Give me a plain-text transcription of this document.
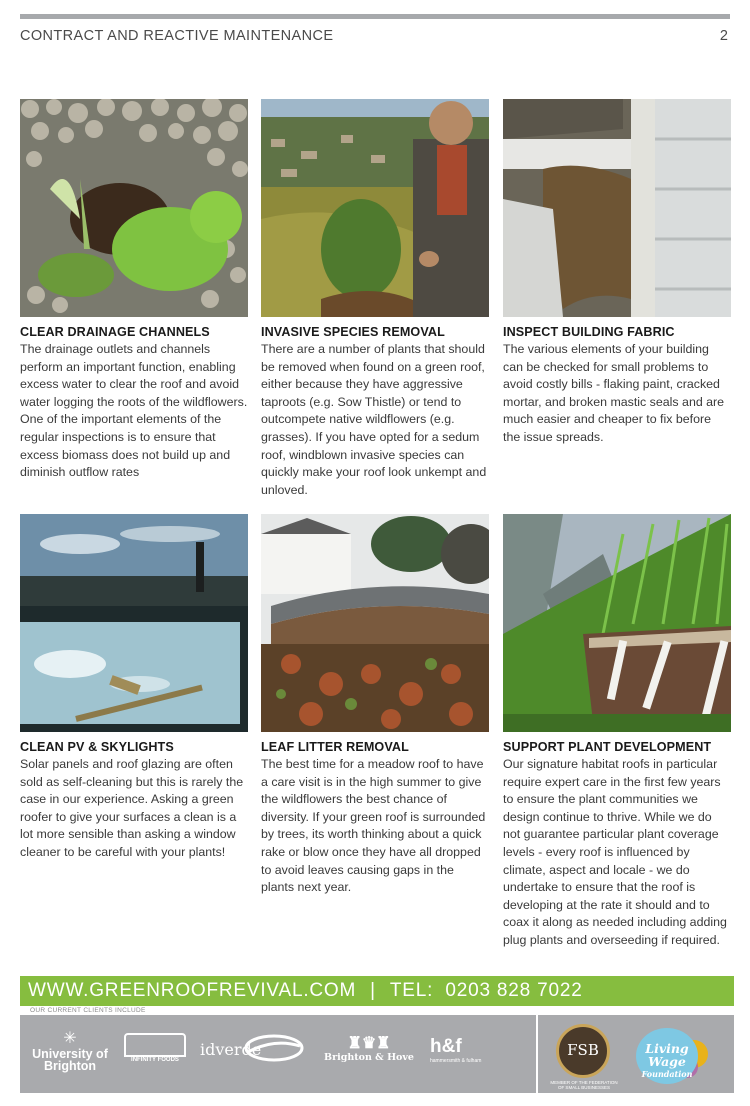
CONTRACT AND REACTIVE MAINTENANCE	2
CLEAR DRAINAGE CHANNELS

The drainage outlets and channels perform an important function, enabling excess water to clear the roof and avoid water logging the roots of the wildflowers. One of the important elements of the regular inspections is to ensure that excess biomass does not build up and diminish outflow rates

INVASIVE SPECIES REMOVAL

There are a number of plants that should be removed when found on a green roof, either because they have aggressive taproots (e.g. Sow Thistle) or tend to outcompete native wildflowers (e.g. grasses). If you have opted for a sedum roof, windblown invasive species can quickly make your roof look unkempt and unloved.

INSPECT BUILDING FABRIC

The various elements of your building can be checked for small problems to avoid costly bills - flaking paint, cracked mortar, and broken mastic seals and are much easier and cheaper to fix before the issue spreads.

CLEAN PV & SKYLIGHTS

Solar panels and roof glazing are often sold as self-cleaning but this is rarely the case in our experience. Asking a green roofer to give your surfaces a clean is a lot more sensible than asking a window cleaner to be careful with your plants!

LEAF LITTER REMOVAL

The best time for a meadow roof to have a care visit is in the high summer to give the wildflowers the best chance of diversity. If your green roof is surrounded by trees, its worth thinking about a quick rake or blow once they have all dropped to avoid leaves causing gaps in the plants next year.

SUPPORT PLANT DEVELOPMENT

Our signature habitat roofs in particular require expert care in the first few years to ensure the plant communities we design continue to thrive. While we do not guarantee particular plant coverage levels - every roof is influenced by climate, aspect and locale - we do undertake to ensure that the roof is developing at the rate it should and to coax it along as needed including adding plug plants and overseeding if required.

WWW.GREENROOFREVIVAL.COM | TEL: 0203 828 7022
OUR CURRENT CLIENTS INCLUDE
✳
University of Brighton	INFINITY FOODS
idverde	♜♛♜
Brighton & Hove
h&f
hammersmith & fulham
FSB
MEMBER OF THE FEDERATION OF SMALL BUSINESSES
Living Wage
Foundation
